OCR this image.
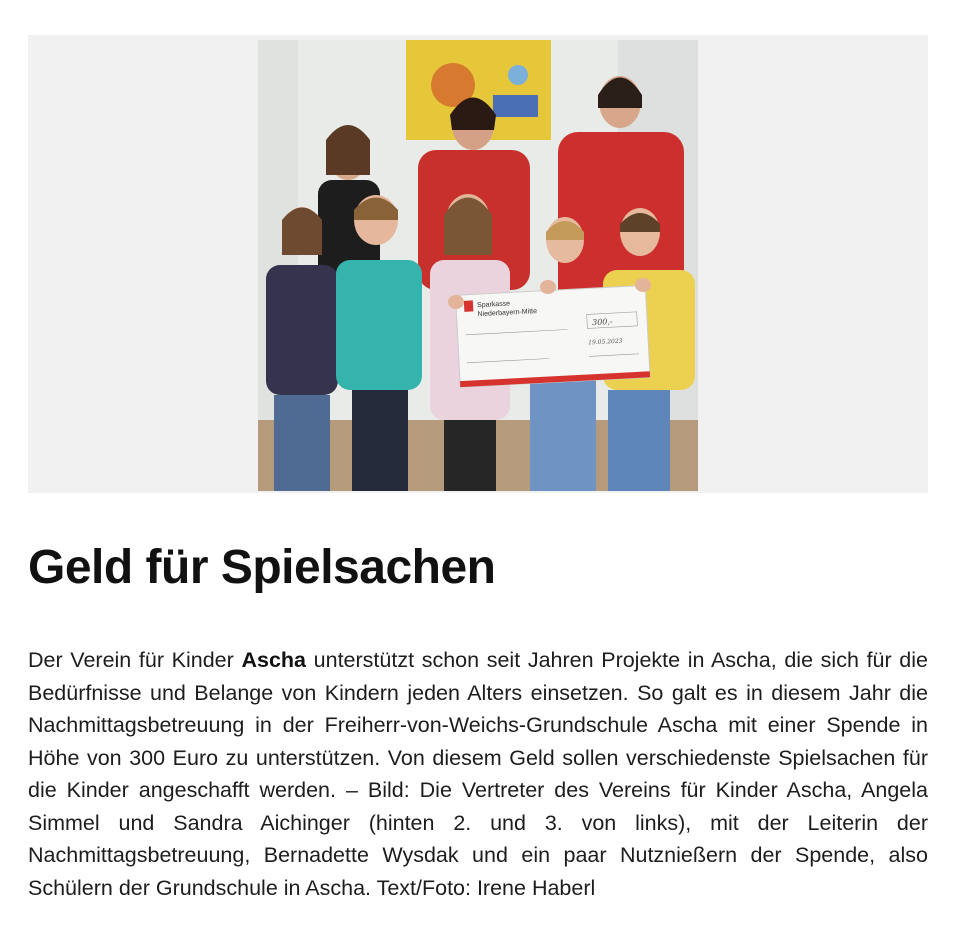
Sparkasse
Niederbayern-Mitte
300,-
19.05.2023
Geld für Spielsachen

Der Verein für Kinder Ascha unterstützt schon seit Jahren Projekte in Ascha, die sich für die Bedürfnisse und Belange von Kindern jeden Alters einsetzen. So galt es in diesem Jahr die Nachmittagsbetreuung in der Freiherr-von-Weichs-Grundschule Ascha mit einer Spende in Höhe von 300 Euro zu unterstützen. Von diesem Geld sollen verschiedenste Spielsachen für die Kinder angeschafft werden. – Bild: Die Vertreter des Vereins für Kinder Ascha, Angela Simmel und Sandra Aichinger (hinten 2. und 3. von links), mit der Leiterin der Nachmittagsbetreuung, Bernadette Wysdak und ein paar Nutznießern der Spende, also Schülern der Grundschule in Ascha. Text/Foto: Irene Haberl
